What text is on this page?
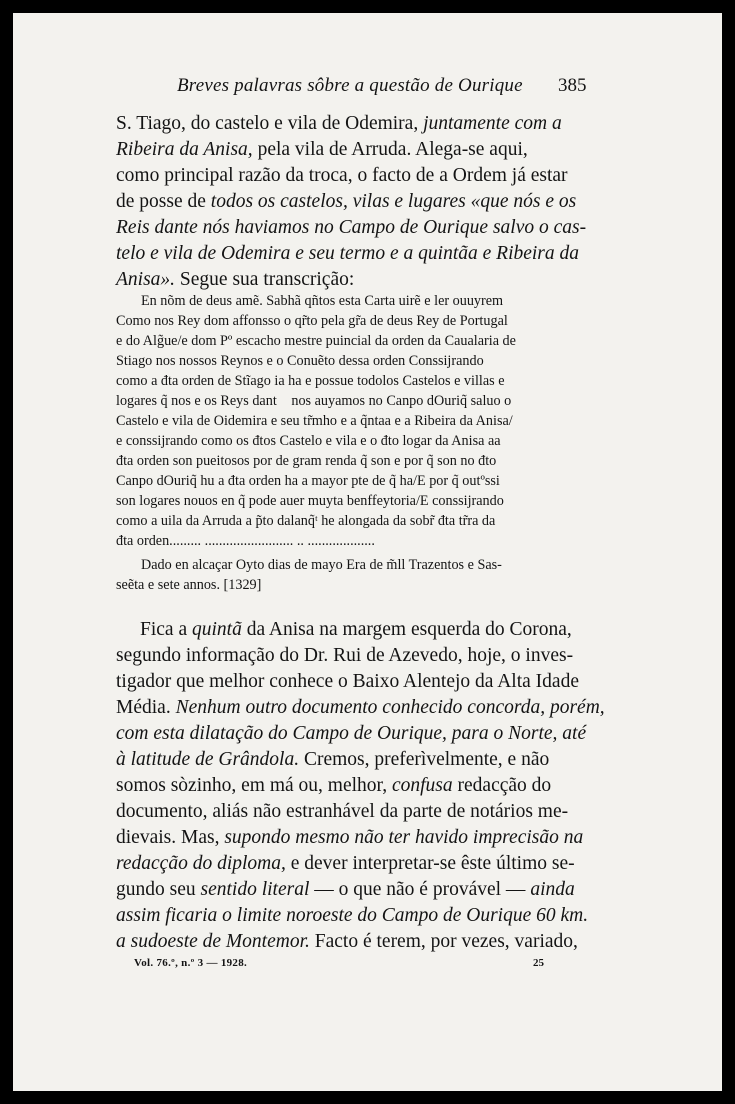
Breves palavras sôbre a questão de Ourique 385
S. Tiago, do castelo e vila de Odemira, juntamente com a
Ribeira da Anisa, pela vila de Arruda. Alega-se aqui,
como principal razão da troca, o facto de a Ordem já estar
de posse de todos os castelos, vilas e lugares «que nós e os
Reis dante nós haviamos no Campo de Ourique salvo o cas-
telo e vila de Odemira e seu termo e a quintãa e Ribeira da
Anisa». Segue sua transcrição:
En nõm de deus amẽ. Sabhã qñtos esta Carta uirẽ e ler ouuyrem
Como nos Rey dom affonsso o qr̃to pela gr̃a de deus Rey de Portugal
e do Alg̃ue/e dom Pº escacho mestre puincial da orden da Caualaria de
Stiago nos nossos Reynos e o Conuẽto dessa orden Conssijrando
como a đta orden de Stĩago ia ha e possue todolos Castelos e villas e
logares q̃ nos e os Reys dant᷑ nos auyamos no Canpo dOuriq̃ saluo o
Castelo e vila de Oidemira e seu tr̃mho e a q̃ntaa e a Ribeira da Anisa/
e conssijrando como os đtos Castelo e vila e o đto logar da Anisa aa
đta orden son pueitosos por de gram renda q̃ son e por q̃ son no đto
Canpo dOuriq̃ hu a đta orden ha a mayor pte de q̃ ha/E por q̃ outºssi
son logares nouos en q̃ pode auer muyta benffeytoria/E conssijrando
como a uila da Arruda a p̃to dalanq̃ᵗ he alongada da sobr̃ đta tr̃ra da
đta orden......... ......................... .. ...................
Dado en alcaçar Oyto dias de mayo Era de m̃ll Trazentos e Sas-
seẽta e sete annos. [1329]
Fica a quintã da Anisa na margem esquerda do Corona,
segundo informação do Dr. Rui de Azevedo, hoje, o inves-
tigador que melhor conhece o Baixo Alentejo da Alta Idade
Média. Nenhum outro documento conhecido concorda, porém,
com esta dilatação do Campo de Ourique, para o Norte, até
à latitude de Grândola. Cremos, preferìvelmente, e não
somos sòzinho, em má ou, melhor, confusa redacção do
documento, aliás não estranhável da parte de notários me-
dievais. Mas, supondo mesmo não ter havido imprecisão na
redacção do diploma, e dever interpretar-se êste último se-
gundo seu sentido literal — o que não é provável — ainda
assim ficaria o limite noroeste do Campo de Ourique 60 km.
a sudoeste de Montemor. Facto é terem, por vezes, variado,
Vol. 76.º, n.º 3 — 1928.	25
